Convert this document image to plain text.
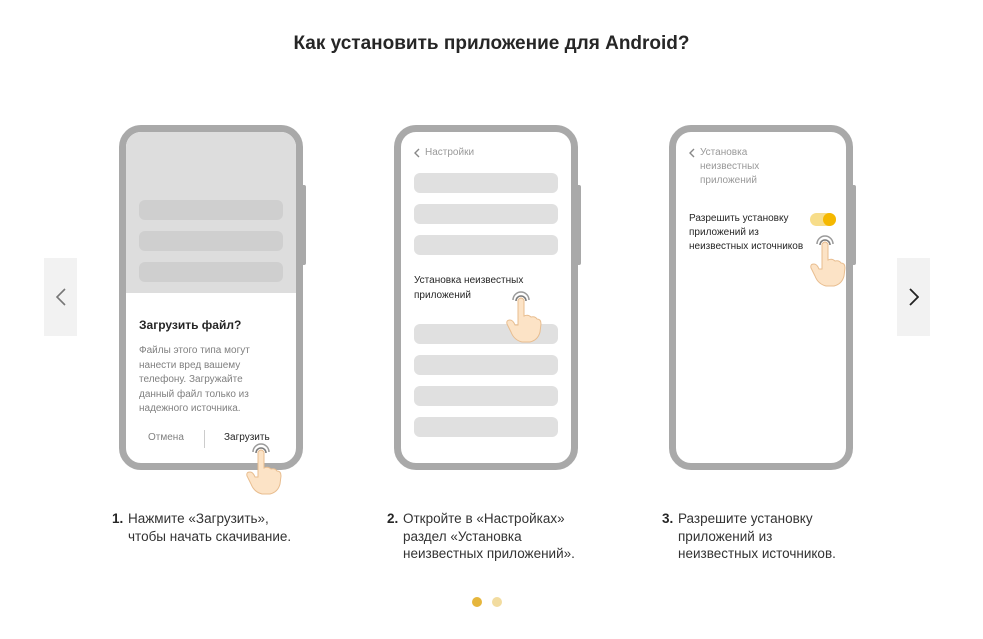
Как установить приложение для Android?
Загрузить файл?
Файлы этого типа могут нанести вред вашему телефону. Загружайте данный файл только из надежного источника.
Отмена	Загрузить
Настройки
Установка неизвестных приложений
Установка неизвестных приложений
Разрешить установку приложений из неизвестных источников
1. Нажмите «Загрузить»,
чтобы начать скачивание.
2. Откройте в «Настройках»
раздел «Установка
неизвестных приложений».
3. Разрешите установку
приложений из
неизвестных источников.
